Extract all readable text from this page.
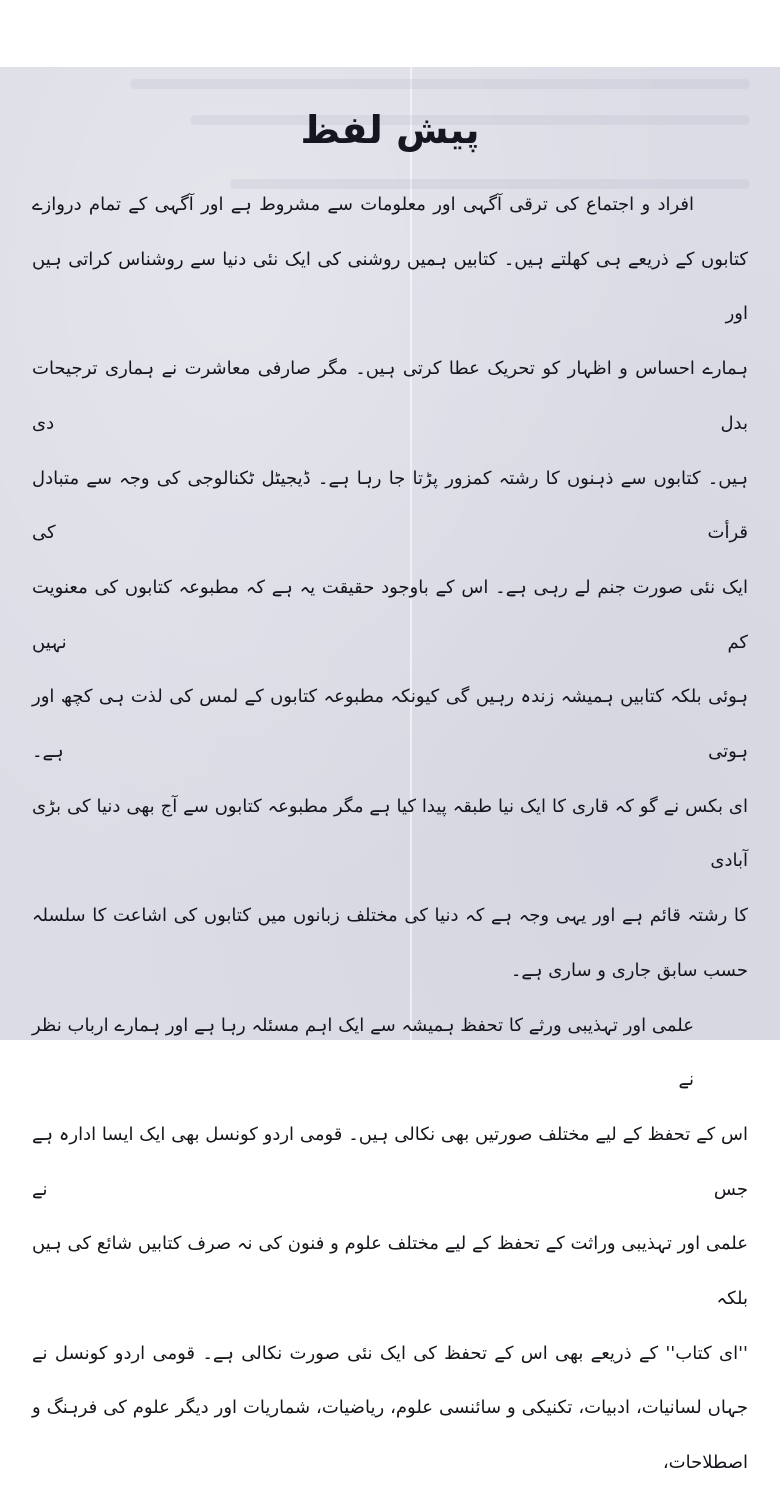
پیش لفظ
افراد و اجتماع کی ترقی آگہی اور معلومات سے مشروط ہے اور آگہی کے تمام دروازے
کتابوں کے ذریعے ہی کھلتے ہیں۔ کتابیں ہمیں روشنی کی ایک نئی دنیا سے روشناس کراتی ہیں اور
ہمارے احساس و اظہار کو تحریک عطا کرتی ہیں۔ مگر صارفی معاشرت نے ہماری ترجیحات بدل دی
ہیں۔ کتابوں سے ذہنوں کا رشتہ کمزور پڑتا جا رہا ہے۔ ڈیجیٹل ٹکنالوجی کی وجہ سے متبادل قرأت کی
ایک نئی صورت جنم لے رہی ہے۔ اس کے باوجود حقیقت یہ ہے کہ مطبوعہ کتابوں کی معنویت کم نہیں
ہوئی بلکہ کتابیں ہمیشہ زندہ رہیں گی کیونکہ مطبوعہ کتابوں کے لمس کی لذت ہی کچھ اور ہوتی ہے۔
ای بکس نے گو کہ قاری کا ایک نیا طبقہ پیدا کیا ہے مگر مطبوعہ کتابوں سے آج بھی دنیا کی بڑی آبادی
کا رشتہ قائم ہے اور یہی وجہ ہے کہ دنیا کی مختلف زبانوں میں کتابوں کی اشاعت کا سلسلہ
حسب سابق جاری و ساری ہے۔
علمی اور تہذیبی ورثے کا تحفظ ہمیشہ سے ایک اہم مسئلہ رہا ہے اور ہمارے ارباب نظر نے
اس کے تحفظ کے لیے مختلف صورتیں بھی نکالی ہیں۔ قومی اردو کونسل بھی ایک ایسا ادارہ ہے جس نے
علمی اور تہذیبی وراثت کے تحفظ کے لیے مختلف علوم و فنون کی نہ صرف کتابیں شائع کی ہیں بلکہ
''ای کتاب'' کے ذریعے بھی اس کے تحفظ کی ایک نئی صورت نکالی ہے۔ قومی اردو کونسل نے
جہاں لسانیات، ادبیات، تکنیکی و سائنسی علوم، ریاضیات، شماریات اور دیگر علوم کی فرہنگ و اصطلاحات،
